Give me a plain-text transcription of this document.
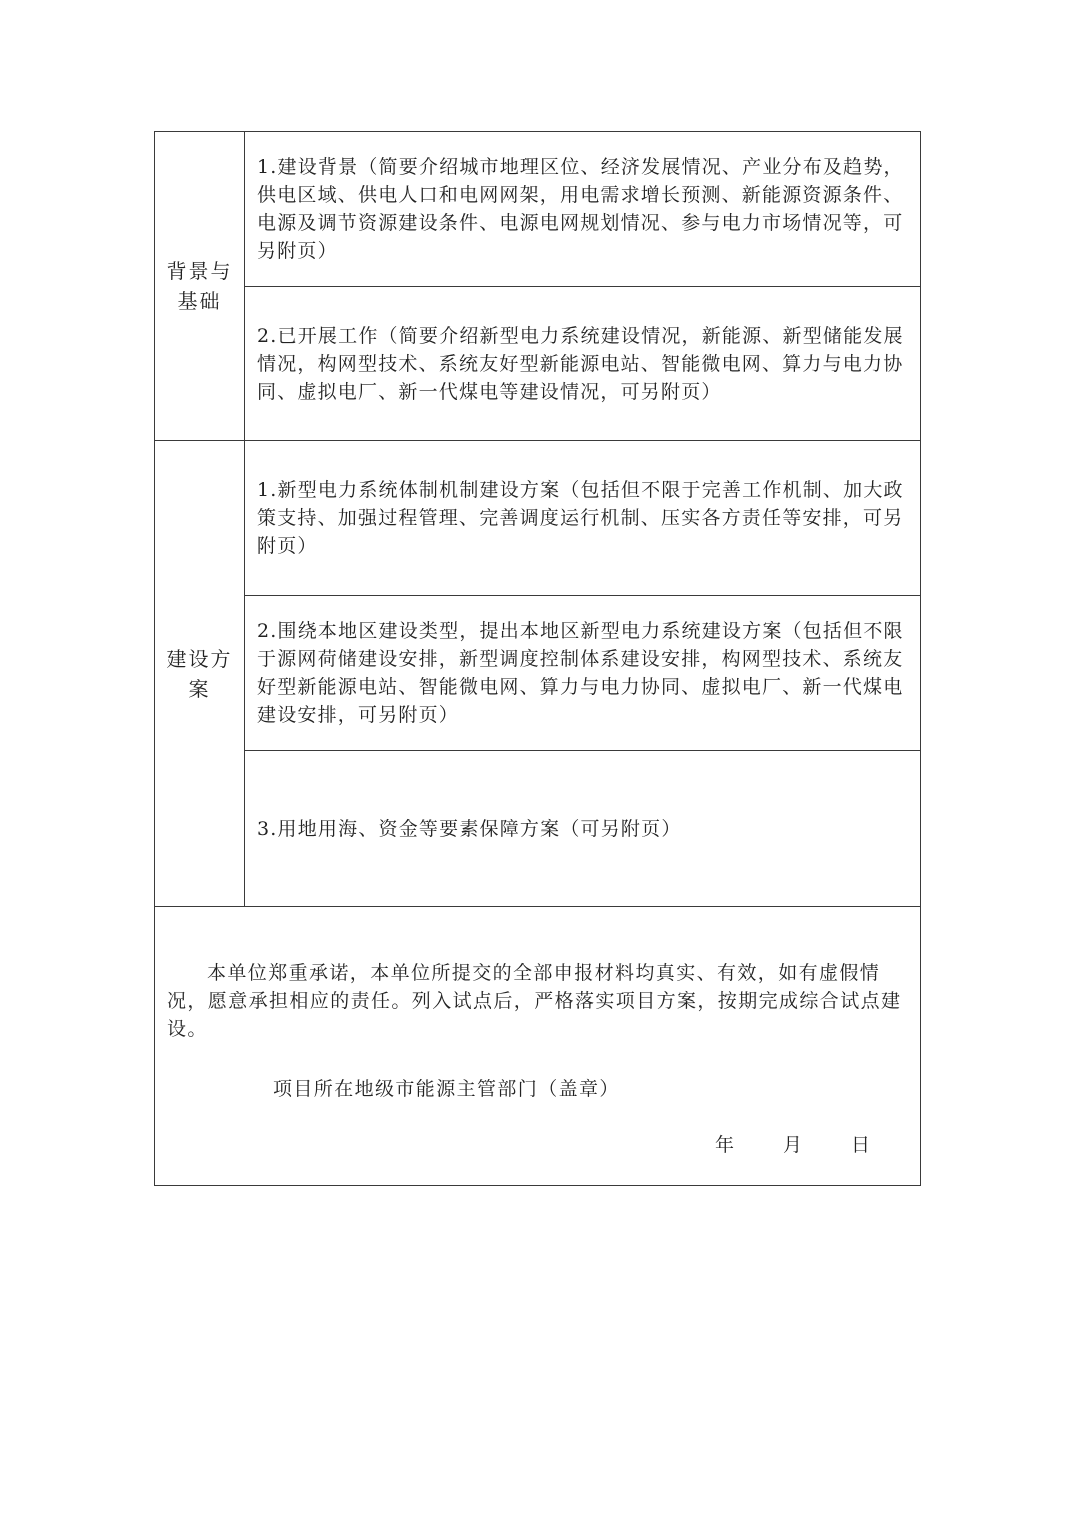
背景与基础
1.建设背景（简要介绍城市地理区位、经济发展情况、产业分布及趋势，供电区域、供电人口和电网网架，用电需求增长预测、新能源资源条件、电源及调节资源建设条件、电源电网规划情况、参与电力市场情况等，可另附页）
2.已开展工作（简要介绍新型电力系统建设情况，新能源、新型储能发展情况，构网型技术、系统友好型新能源电站、智能微电网、算力与电力协同、虚拟电厂、新一代煤电等建设情况，可另附页）
建设方案
1.新型电力系统体制机制建设方案（包括但不限于完善工作机制、加大政策支持、加强过程管理、完善调度运行机制、压实各方责任等安排，可另附页）
2.围绕本地区建设类型，提出本地区新型电力系统建设方案（包括但不限于源网荷储建设安排，新型调度控制体系建设安排，构网型技术、系统友好型新能源电站、智能微电网、算力与电力协同、虚拟电厂、新一代煤电建设安排，可另附页）
3.用地用海、资金等要素保障方案（可另附页）
本单位郑重承诺，本单位所提交的全部申报材料均真实、有效，如有虚假情况，愿意承担相应的责任。列入试点后，严格落实项目方案，按期完成综合试点建设。
项目所在地级市能源主管部门（盖章）
年	月	日
